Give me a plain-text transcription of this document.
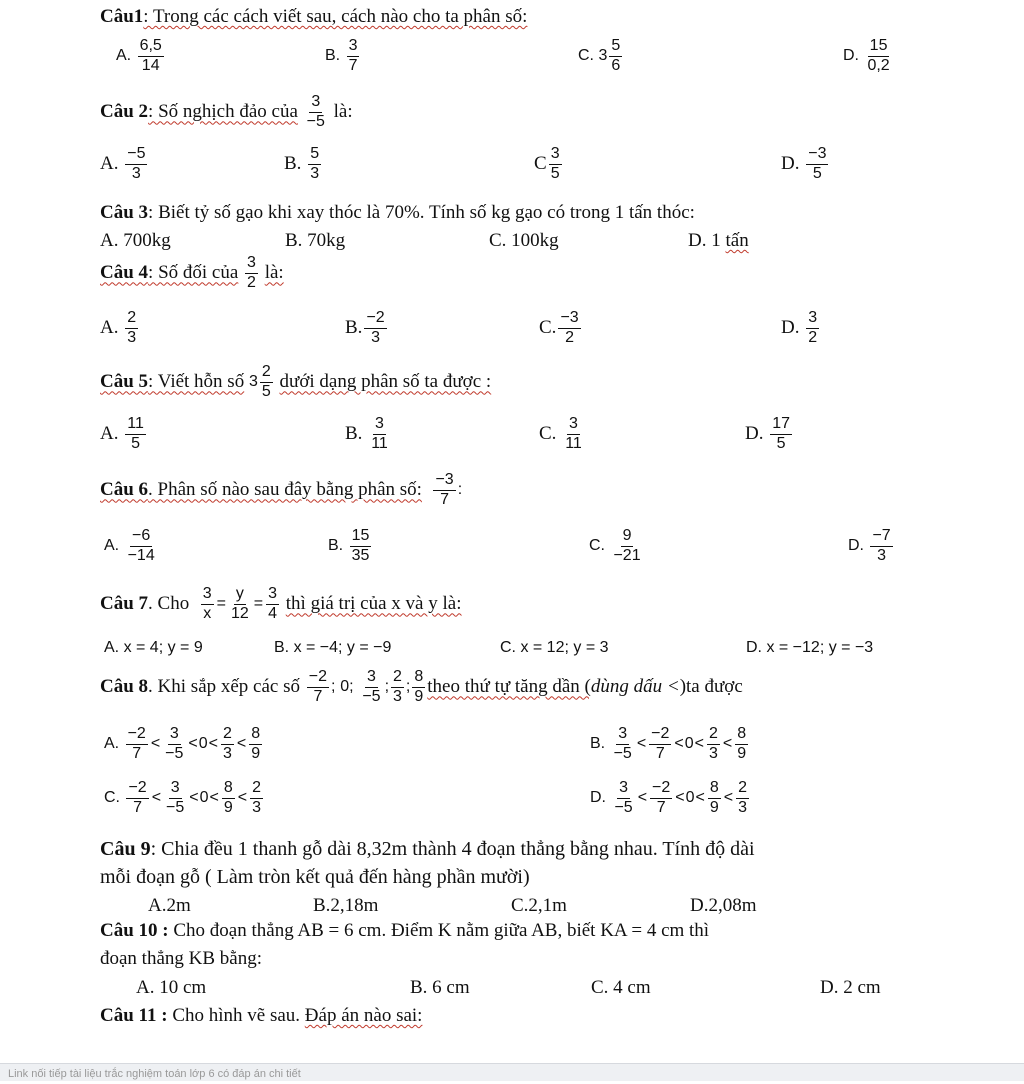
Câu1: Trong các cách viết sau, cách nào cho ta phân số:
A.
$\frac{6,5}{14}$	B.
$\frac{3}{7}$	C.
$3 \frac{5}{6}$	D.
$\frac{15}{0,2}$
Câu 2 : Số nghịch đảo của
$\frac{3}{-5}$
là:
A.
$\frac{-5}{3}$	B.
$\frac{5}{3}$	C $\frac{3}{5}$	D.
$\frac{-3}{5}$
Câu 3: Biết tỷ số gạo khi xay thóc là 70%. Tính số kg gạo có trong 1 tấn thóc:
A. 700kg	B. 70kg	C. 100kg	D. 1 tấn
Câu 4 : Số đối của
$\frac{3}{2}$
là:
A.
$\frac{2}{3}$	B. $\frac{-2}{3}$	C. $\frac{-3}{2}$	D.
$\frac{3}{2}$
Câu 5 : Viết hỗn số
$3 \frac{2}{5}$
dưới dạng phân số ta được :
A.
$\frac{11}{5}$	B.
$\frac{3}{11}$	C.
$\frac{3}{11}$	D.
$\frac{17}{5}$
Câu 6 . Phân số nào sau đây bằng phân số:
$\frac{-3}{7}$ :
A.
$\frac{-6}{-14}$	B.
$\frac{15}{35}$	C.
$\frac{9}{-21}$	D.
$\frac{-7}{3}$
Câu 7 . Cho
$\frac{3}{x} = \frac{y}{12} = \frac{3}{4}$
thì giá trị của x và y là:
A. x = 4; y = 9	B. x = −4; y = −9	C. x = 12; y = 3	D. x = −12; y = −3
Câu 8 . Khi sắp xếp các số
$\frac{-2}{7}$ ;
0;
$\frac{3}{-5}$ ; $\frac{2}{3}$ ; $\frac{8}{9}$ theo thứ tự tăng dần ( dùng dấu < )ta được
A.
$\frac{-2}{7} < \frac{3}{-5} < 0 < \frac{2}{3} < \frac{8}{9}$	B.
$\frac{3}{-5} < \frac{-2}{7} < 0 < \frac{2}{3} < \frac{8}{9}$
C.
$\frac{-2}{7} < \frac{3}{-5} < 0 < \frac{8}{9} < \frac{2}{3}$	D.
$\frac{3}{-5} < \frac{-2}{7} < 0 < \frac{8}{9} < \frac{2}{3}$
Câu 9: Chia đều 1 thanh gỗ dài 8,32m thành 4 đoạn thẳng bằng nhau. Tính độ dài
mỗi đoạn gỗ ( Làm tròn kết quả đến hàng phần mười)
A.2m	B.2,18m	C.2,1m	D.2,08m
Câu 10 : Cho đoạn thẳng AB = 6 cm. Điểm K nằm giữa AB, biết KA = 4 cm thì
đoạn thẳng KB bằng:
A. 10 cm	B. 6 cm	C. 4 cm	D. 2 cm
Câu 11 : Cho hình vẽ sau. Đáp án nào sai:
Link nối tiếp tài liệu trắc nghiệm toán lớp 6 có đáp án chi tiết
